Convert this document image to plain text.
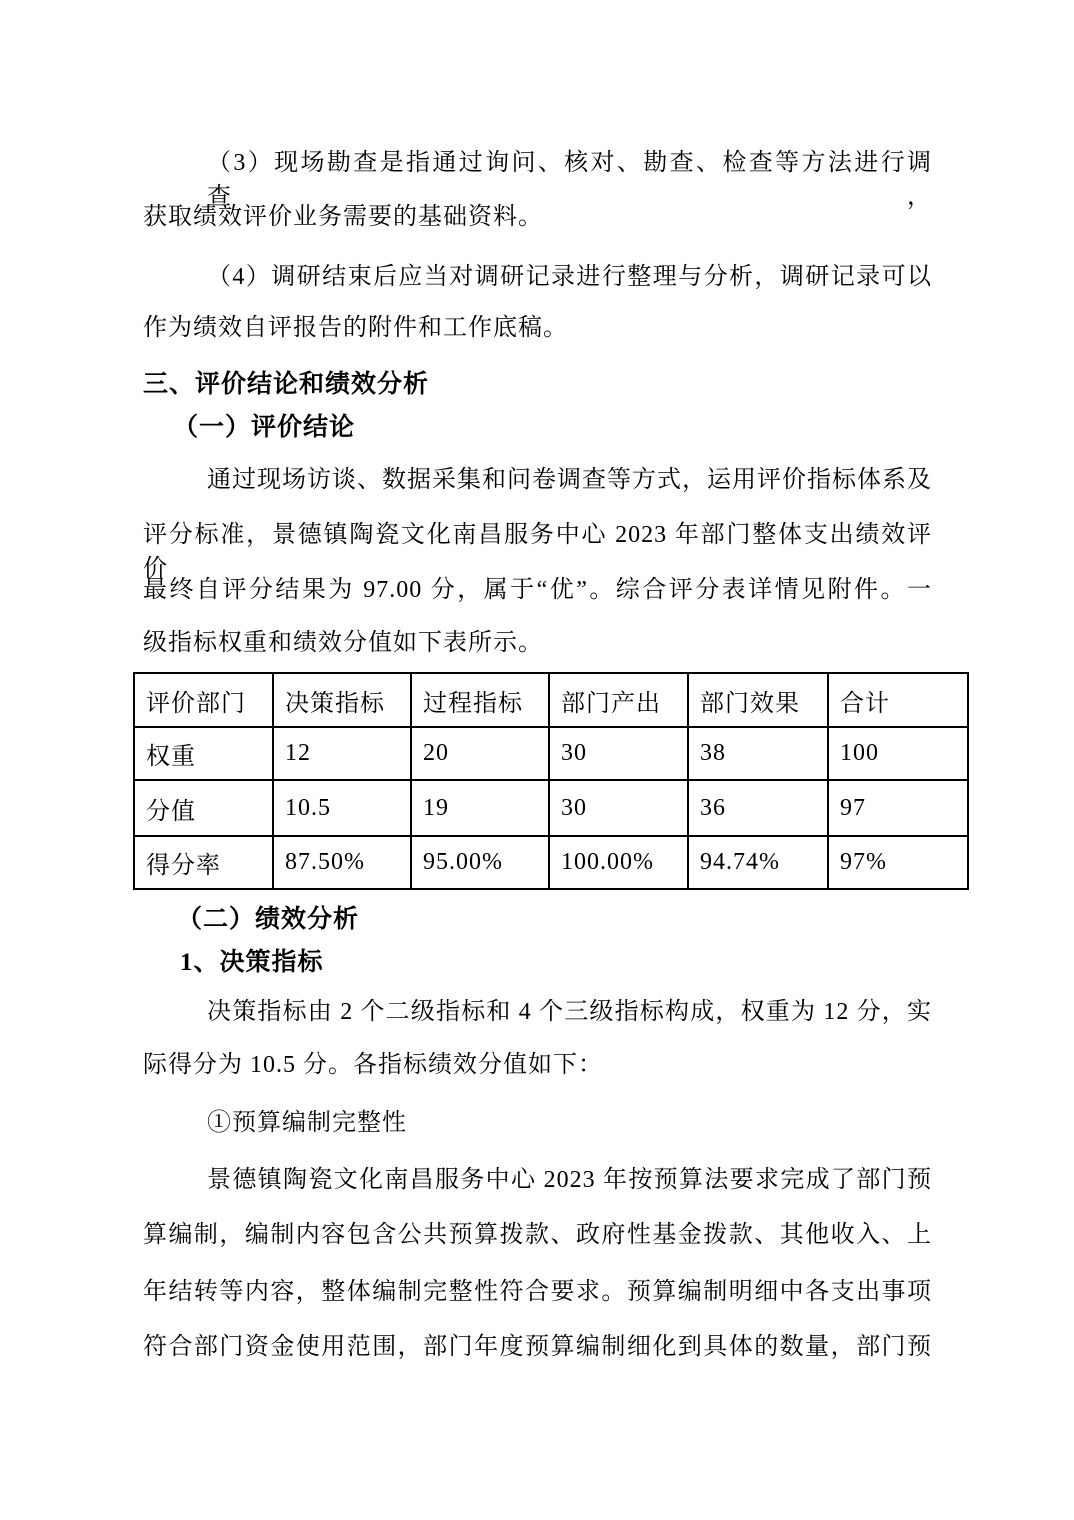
（3）现场勘查是指通过询问、核对、勘查、检查等方法进行调查，
获取绩效评价业务需要的基础资料。
（4）调研结束后应当对调研记录进行整理与分析，调研记录可以
作为绩效自评报告的附件和工作底稿。
三、评价结论和绩效分析
（一）评价结论
通过现场访谈、数据采集和问卷调查等方式，运用评价指标体系及
评分标准，景德镇陶瓷文化南昌服务中心 2023 年部门整体支出绩效评价
最终自评分结果为 97.00 分，属于“优”。综合评分表详情见附件。一
级指标权重和绩效分值如下表所示。
评价部门	决策指标	过程指标	部门产出	部门效果	合计
权重	12	20	30	38	100
分值	10.5	19	30	36	97
得分率	87.50%	95.00%	100.00%	94.74%	97%
（二）绩效分析
1、决策指标
决策指标由 2 个二级指标和 4 个三级指标构成，权重为 12 分，实
际得分为 10.5 分。各指标绩效分值如下：
①预算编制完整性
景德镇陶瓷文化南昌服务中心 2023 年按预算法要求完成了部门预
算编制，编制内容包含公共预算拨款、政府性基金拨款、其他收入、上
年结转等内容，整体编制完整性符合要求。预算编制明细中各支出事项
符合部门资金使用范围，部门年度预算编制细化到具体的数量，部门预
